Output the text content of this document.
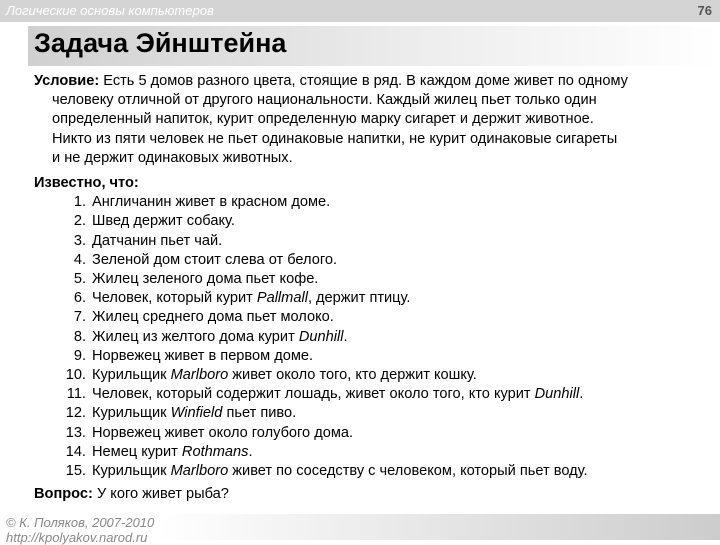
Логические основы компьютеров	76
Задача Эйнштейна
Условие: Есть 5 домов разного цвета, стоящие в ряд. В каждом доме живет по одному
человеку отличной от другого национальности. Каждый жилец пьет только один
определенный напиток, курит определенную марку сигарет и держит животное.
Никто из пяти человек не пьет одинаковые напитки, не курит одинаковые сигареты
и не держит одинаковых животных.
Известно, что:
1. Англичанин живет в красном доме.
2. Швед держит собаку.
3. Датчанин пьет чай.
4. Зеленой дом стоит слева от белого.
5. Жилец зеленого дома пьет кофе.
6. Человек, который курит Pallmall, держит птицу.
7. Жилец среднего дома пьет молоко.
8. Жилец из желтого дома курит Dunhill.
9. Норвежец живет в первом доме.
10. Курильщик Marlboro живет около того, кто держит кошку.
11. Человек, который содержит лошадь, живет около того, кто курит Dunhill.
12. Курильщик Winfield пьет пиво.
13. Норвежец живет около голубого дома.
14. Немец курит Rothmans.
15. Курильщик Marlboro живет по соседству с человеком, который пьет воду.
Вопрос: У кого живет рыба?
© К. Поляков, 2007-2010
http://kpolyakov.narod.ru
